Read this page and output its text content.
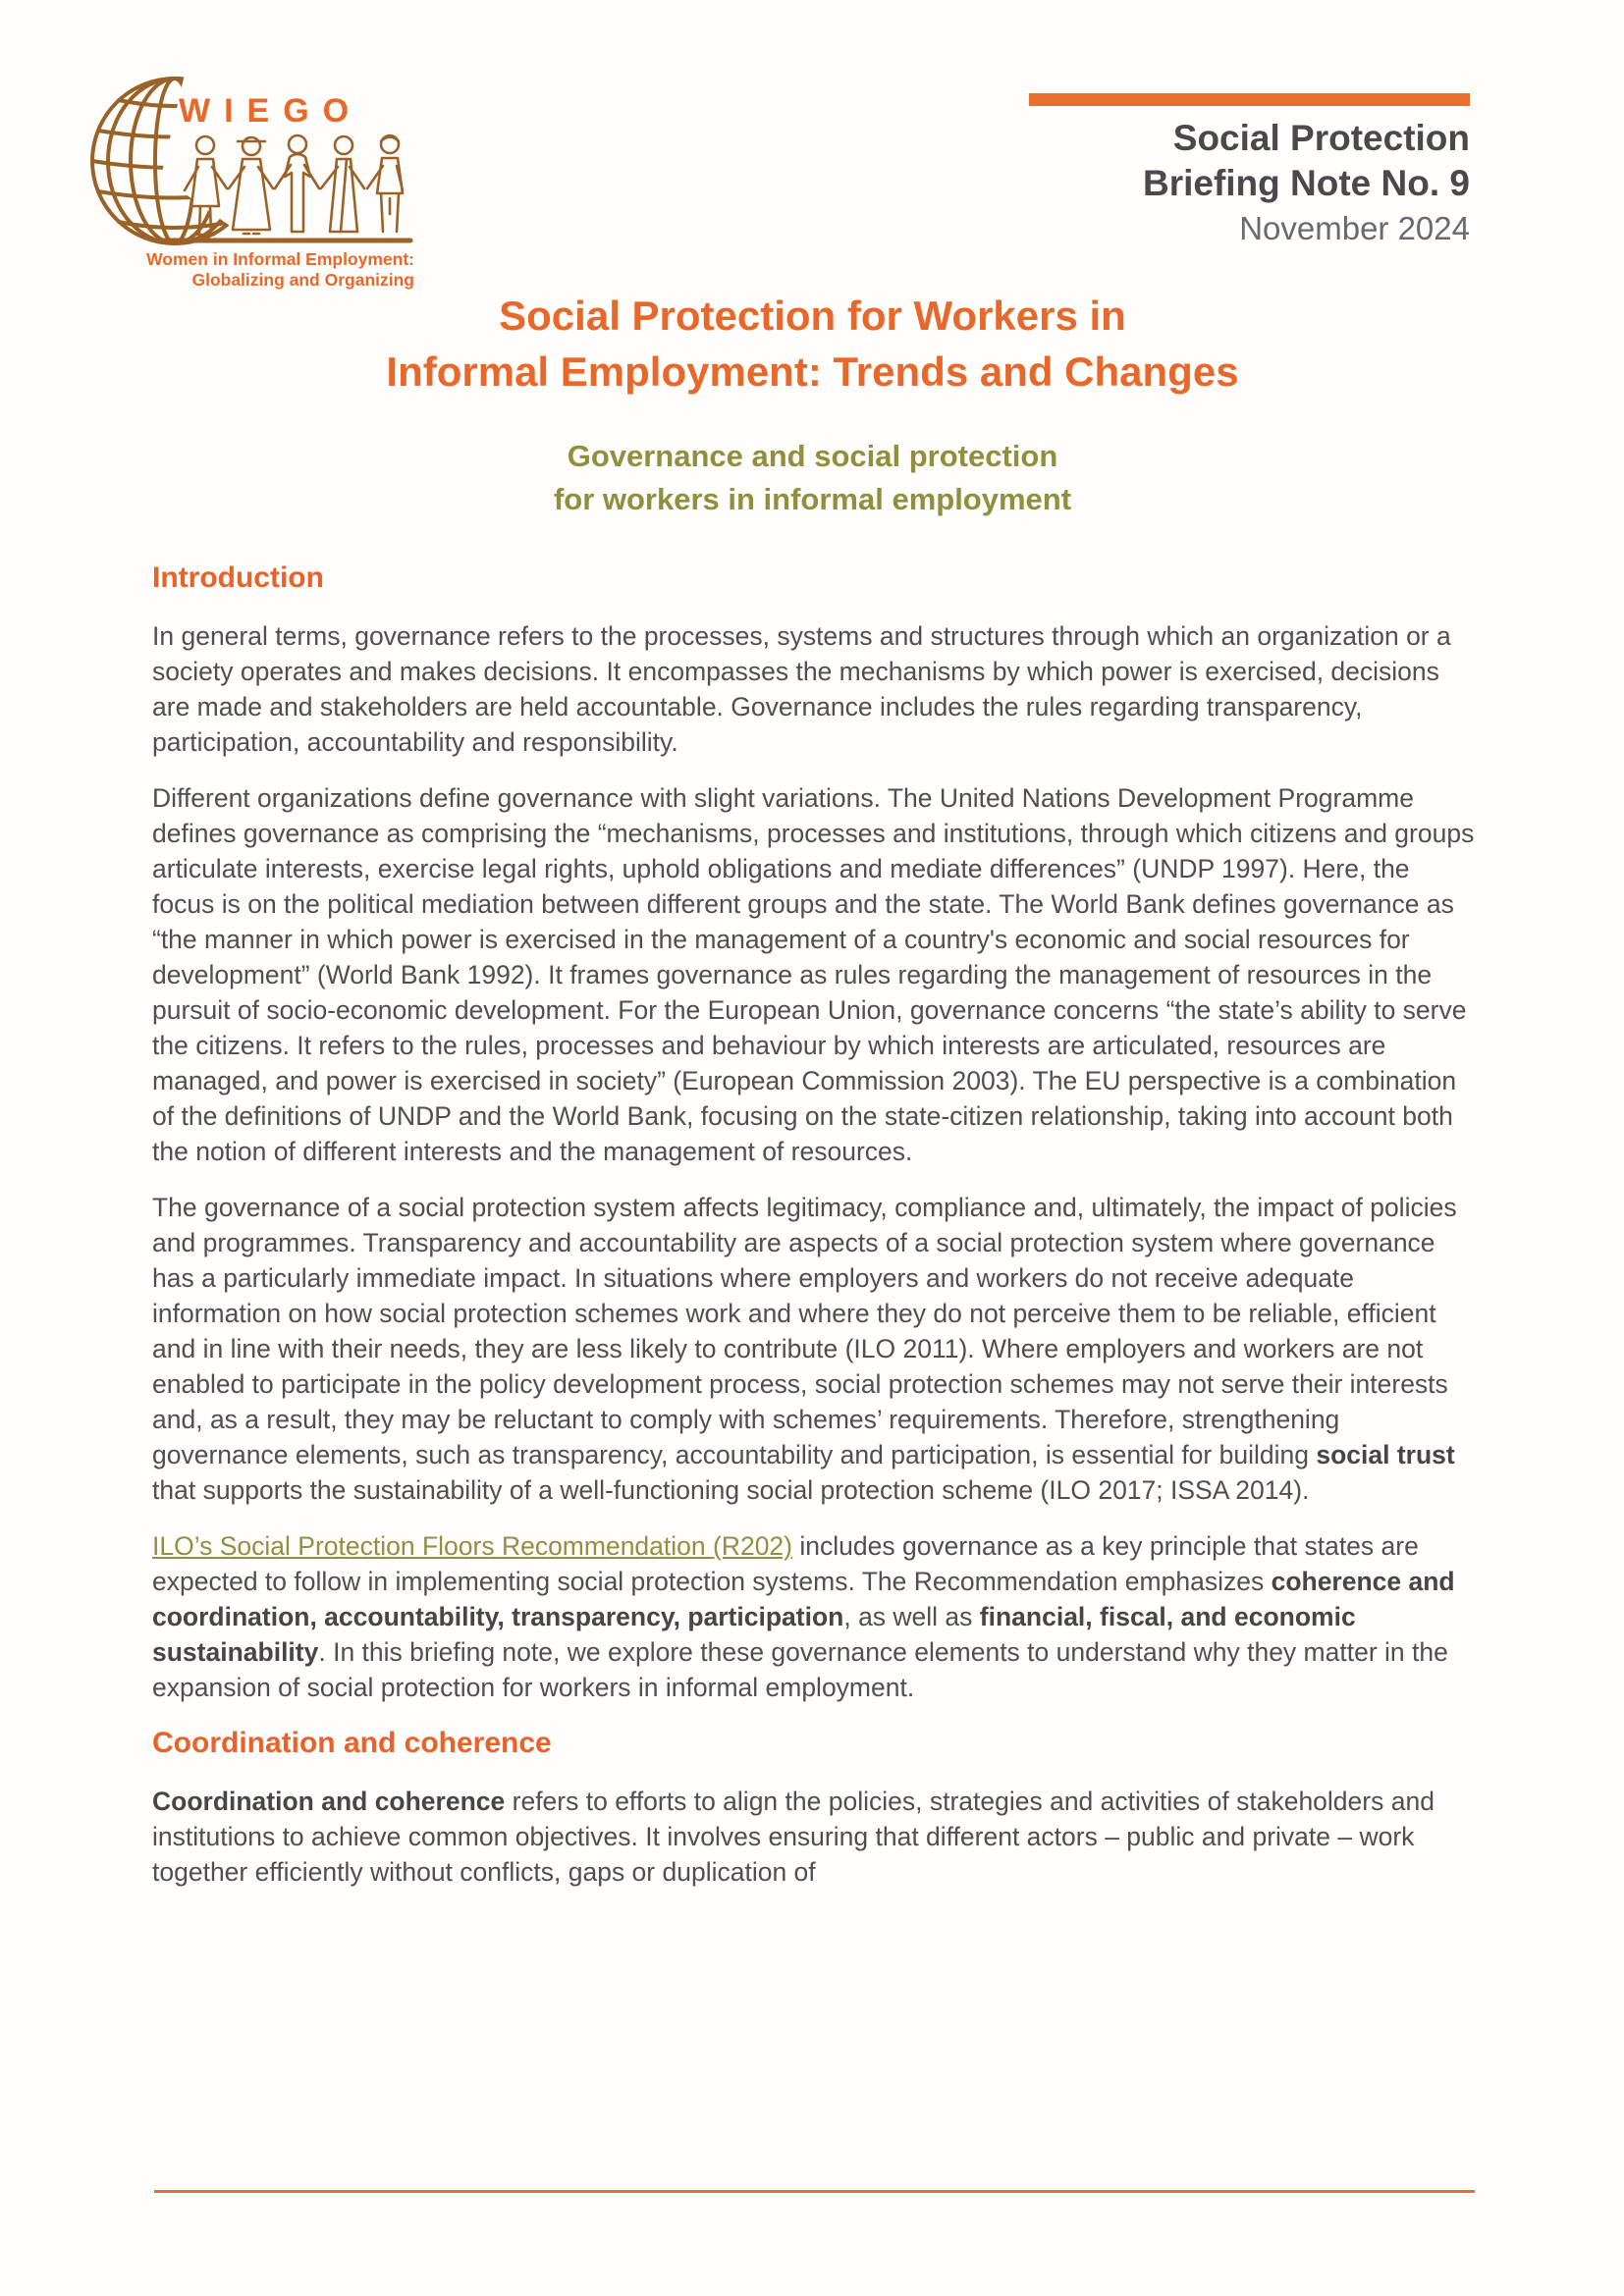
WIEGO
Women in Informal Employment:
Globalizing and Organizing
Social Protection
Briefing Note No. 9
November 2024
Social Protection for Workers in
Informal Employment: Trends and Changes
Governance and social protection
for workers in informal employment
Introduction

In general terms, governance refers to the processes, systems and structures through which an organization or a society operates and makes decisions. It encompasses the mechanisms by which power is exercised, decisions are made and stakeholders are held accountable. Governance includes the rules regarding transparency, participation, accountability and responsibility.

Different organizations define governance with slight variations. The United Nations Development Programme defines governance as comprising the “mechanisms, processes and institutions, through which citizens and groups articulate interests, exercise legal rights, uphold obligations and mediate differences” (UNDP 1997). Here, the focus is on the political mediation between different groups and the state. The World Bank defines governance as “the manner in which power is exercised in the management of a country's economic and social resources for development” (World Bank 1992). It frames governance as rules regarding the management of resources in the pursuit of socio-economic development. For the European Union, governance concerns “the state’s ability to serve the citizens. It refers to the rules, processes and behaviour by which interests are articulated, resources are managed, and power is exercised in society” (European Commission 2003). The EU perspective is a combination of the definitions of UNDP and the World Bank, focusing on the state-citizen relationship, taking into account both the notion of different interests and the management of resources.

The governance of a social protection system affects legitimacy, compliance and, ultimately, the impact of policies and programmes. Transparency and accountability are aspects of a social protection system where governance has a particularly immediate impact. In situations where employers and workers do not receive adequate information on how social protection schemes work and where they do not perceive them to be reliable, efficient and in line with their needs, they are less likely to contribute (ILO 2011). Where employers and workers are not enabled to participate in the policy development process, social protection schemes may not serve their interests and, as a result, they may be reluctant to comply with schemes’ requirements. Therefore, strengthening governance elements, such as transparency, accountability and participation, is essential for building social trust that supports the sustainability of a well-functioning social protection scheme (ILO 2017; ISSA 2014).

ILO’s Social Protection Floors Recommendation (R202) includes governance as a key principle that states are expected to follow in implementing social protection systems. The Recommendation emphasizes coherence and coordination, accountability, transparency, participation, as well as financial, fiscal, and economic sustainability. In this briefing note, we explore these governance elements to understand why they matter in the expansion of social protection for workers in informal employment.

Coordination and coherence

Coordination and coherence refers to efforts to align the policies, strategies and activities of stakeholders and institutions to achieve common objectives. It involves ensuring that different actors – public and private – work together efficiently without conflicts, gaps or duplication of
